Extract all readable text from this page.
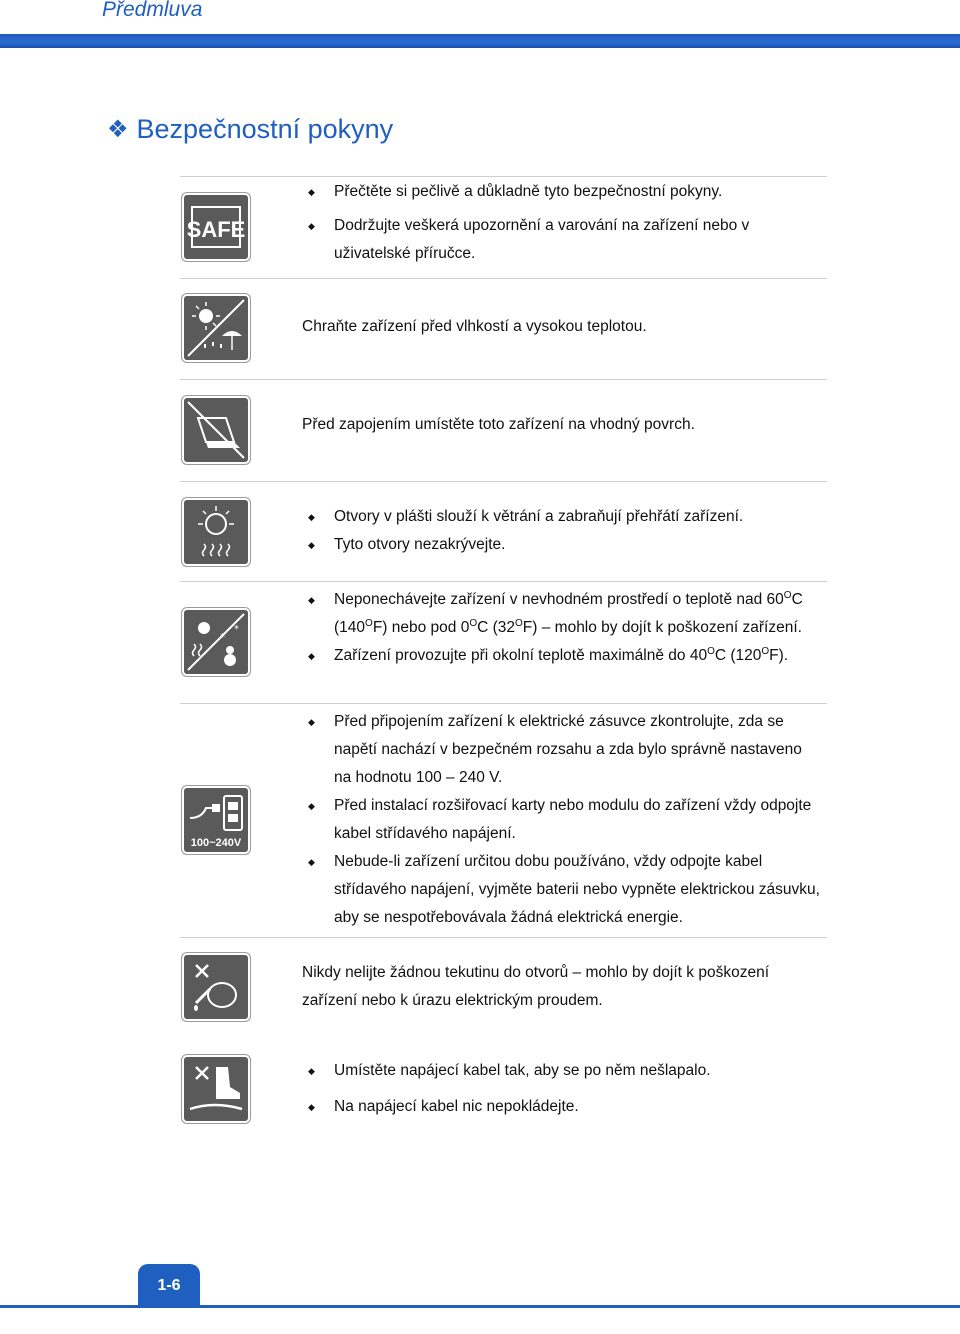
Předmluva
❖ Bezpečnostní pokyny
SAFE
◆ Přečtěte si pečlivě a důkladně tyto bezpečnostní pokyny.
◆ Dodržujte veškerá upozornění a varování na zařízení nebo v uživatelské příručce.
Chraňte zařízení před vlhkostí a vysokou teplotou.
Před zapojením umístěte toto zařízení na vhodný povrch.
◆ Otvory v plášti slouží k větrání a zabraňují přehřátí zařízení.
◆ Tyto otvory nezakrývejte.
*
*
◆ Neponechávejte zařízení v nevhodném prostředí o teplotě nad $60^OC$ $(140^OF)$ nebo pod $0^OC$ $(32^OF)$ – mohlo by dojít k poškození zařízení.
◆ Zařízení provozujte při okolní teplotě maximálně do $40^OC$ $(120^OF)$.
100~240V
◆ Před připojením zařízení k elektrické zásuvce zkontrolujte, zda se napětí nachází v bezpečném rozsahu a zda bylo správně nastaveno na hodnotu 100 – 240 V.
◆ Před instalací rozšiřovací karty nebo modulu do zařízení vždy odpojte kabel střídavého napájení.
◆ Nebude-li zařízení určitou dobu používáno, vždy odpojte kabel střídavého napájení, vyjměte baterii nebo vypněte elektrickou zásuvku, aby se nespotřebovávala žádná elektrická energie.
Nikdy nelijte žádnou tekutinu do otvorů – mohlo by dojít k poškození zařízení nebo k úrazu elektrickým proudem.
◆ Umístěte napájecí kabel tak, aby se po něm nešlapalo.
◆ Na napájecí kabel nic nepokládejte.
1-6
